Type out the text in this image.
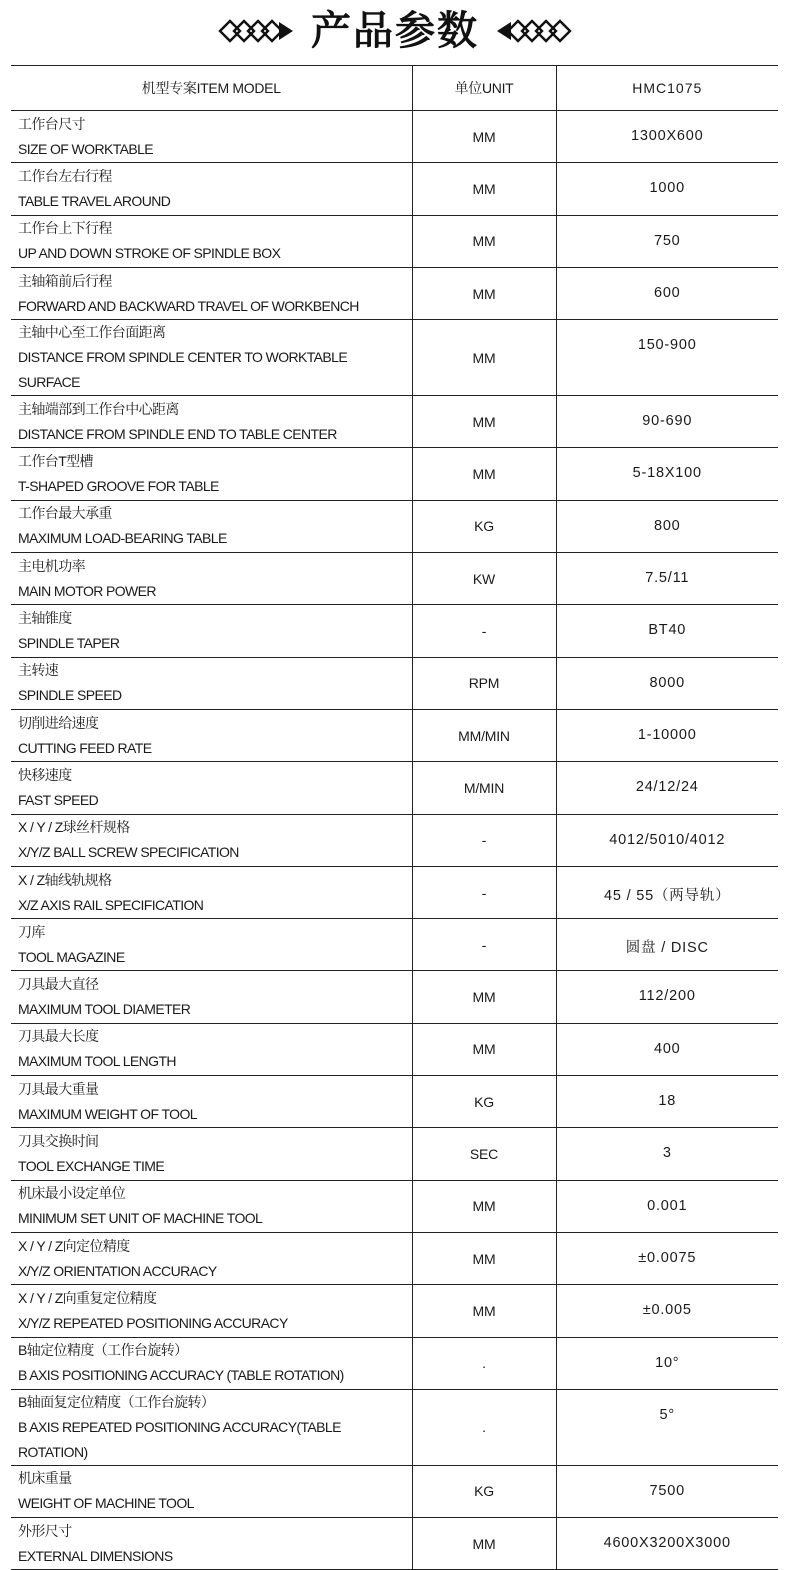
产品参数
机型专案ITEM MODEL	单位UNIT	HMC1075

工作台尺寸
SIZE OF WORKTABLE	MM	1300X600

工作台左右行程
TABLE TRAVEL AROUND	MM	1000

工作台上下行程
UP AND DOWN STROKE OF SPINDLE BOX	MM	750

主轴箱前后行程
FORWARD AND BACKWARD TRAVEL OF WORKBENCH	MM	600

主轴中心至工作台面距离
DISTANCE FROM SPINDLE CENTER TO WORKTABLE SURFACE	MM	150-900

主轴端部到工作台中心距离
DISTANCE FROM SPINDLE END TO TABLE CENTER	MM	90-690

工作台T型槽
T-SHAPED GROOVE FOR TABLE	MM	5-18X100

工作台最大承重
MAXIMUM LOAD-BEARING TABLE	KG	800

主电机功率
MAIN MOTOR POWER	KW	7.5/11

主轴锥度
SPINDLE TAPER	-	BT40

主转速
SPINDLE SPEED	RPM	8000

切削进给速度
CUTTING FEED RATE	MM/MIN	1-10000

快移速度
FAST SPEED	M/MIN	24/12/24

X / Y / Z球丝杆规格
X/Y/Z BALL SCREW SPECIFICATION	-	4012/5010/4012

X / Z轴线轨规格
X/Z AXIS RAIL SPECIFICATION	-	45 / 55（两导轨）

刀库
TOOL MAGAZINE	-	圆盘 / DISC

刀具最大直径
MAXIMUM TOOL DIAMETER	MM	112/200

刀具最大长度
MAXIMUM TOOL LENGTH	MM	400

刀具最大重量
MAXIMUM WEIGHT OF TOOL	KG	18

刀具交换时间
TOOL EXCHANGE TIME	SEC	3

机床最小设定单位
MINIMUM SET UNIT OF MACHINE TOOL	MM	0.001

X / Y / Z向定位精度
X/Y/Z ORIENTATION ACCURACY	MM	±0.0075

X / Y / Z向重复定位精度
X/Y/Z REPEATED POSITIONING ACCURACY	MM	±0.005

B轴定位精度（工作台旋转）
B AXIS POSITIONING ACCURACY (TABLE ROTATION)	.	10°

B轴面复定位精度（工作台旋转）
B AXIS REPEATED POSITIONING ACCURACY(TABLE ROTATION)	.	5°

机床重量
WEIGHT OF MACHINE TOOL	KG	7500

外形尺寸
EXTERNAL DIMENSIONS	MM	4600X3200X3000
